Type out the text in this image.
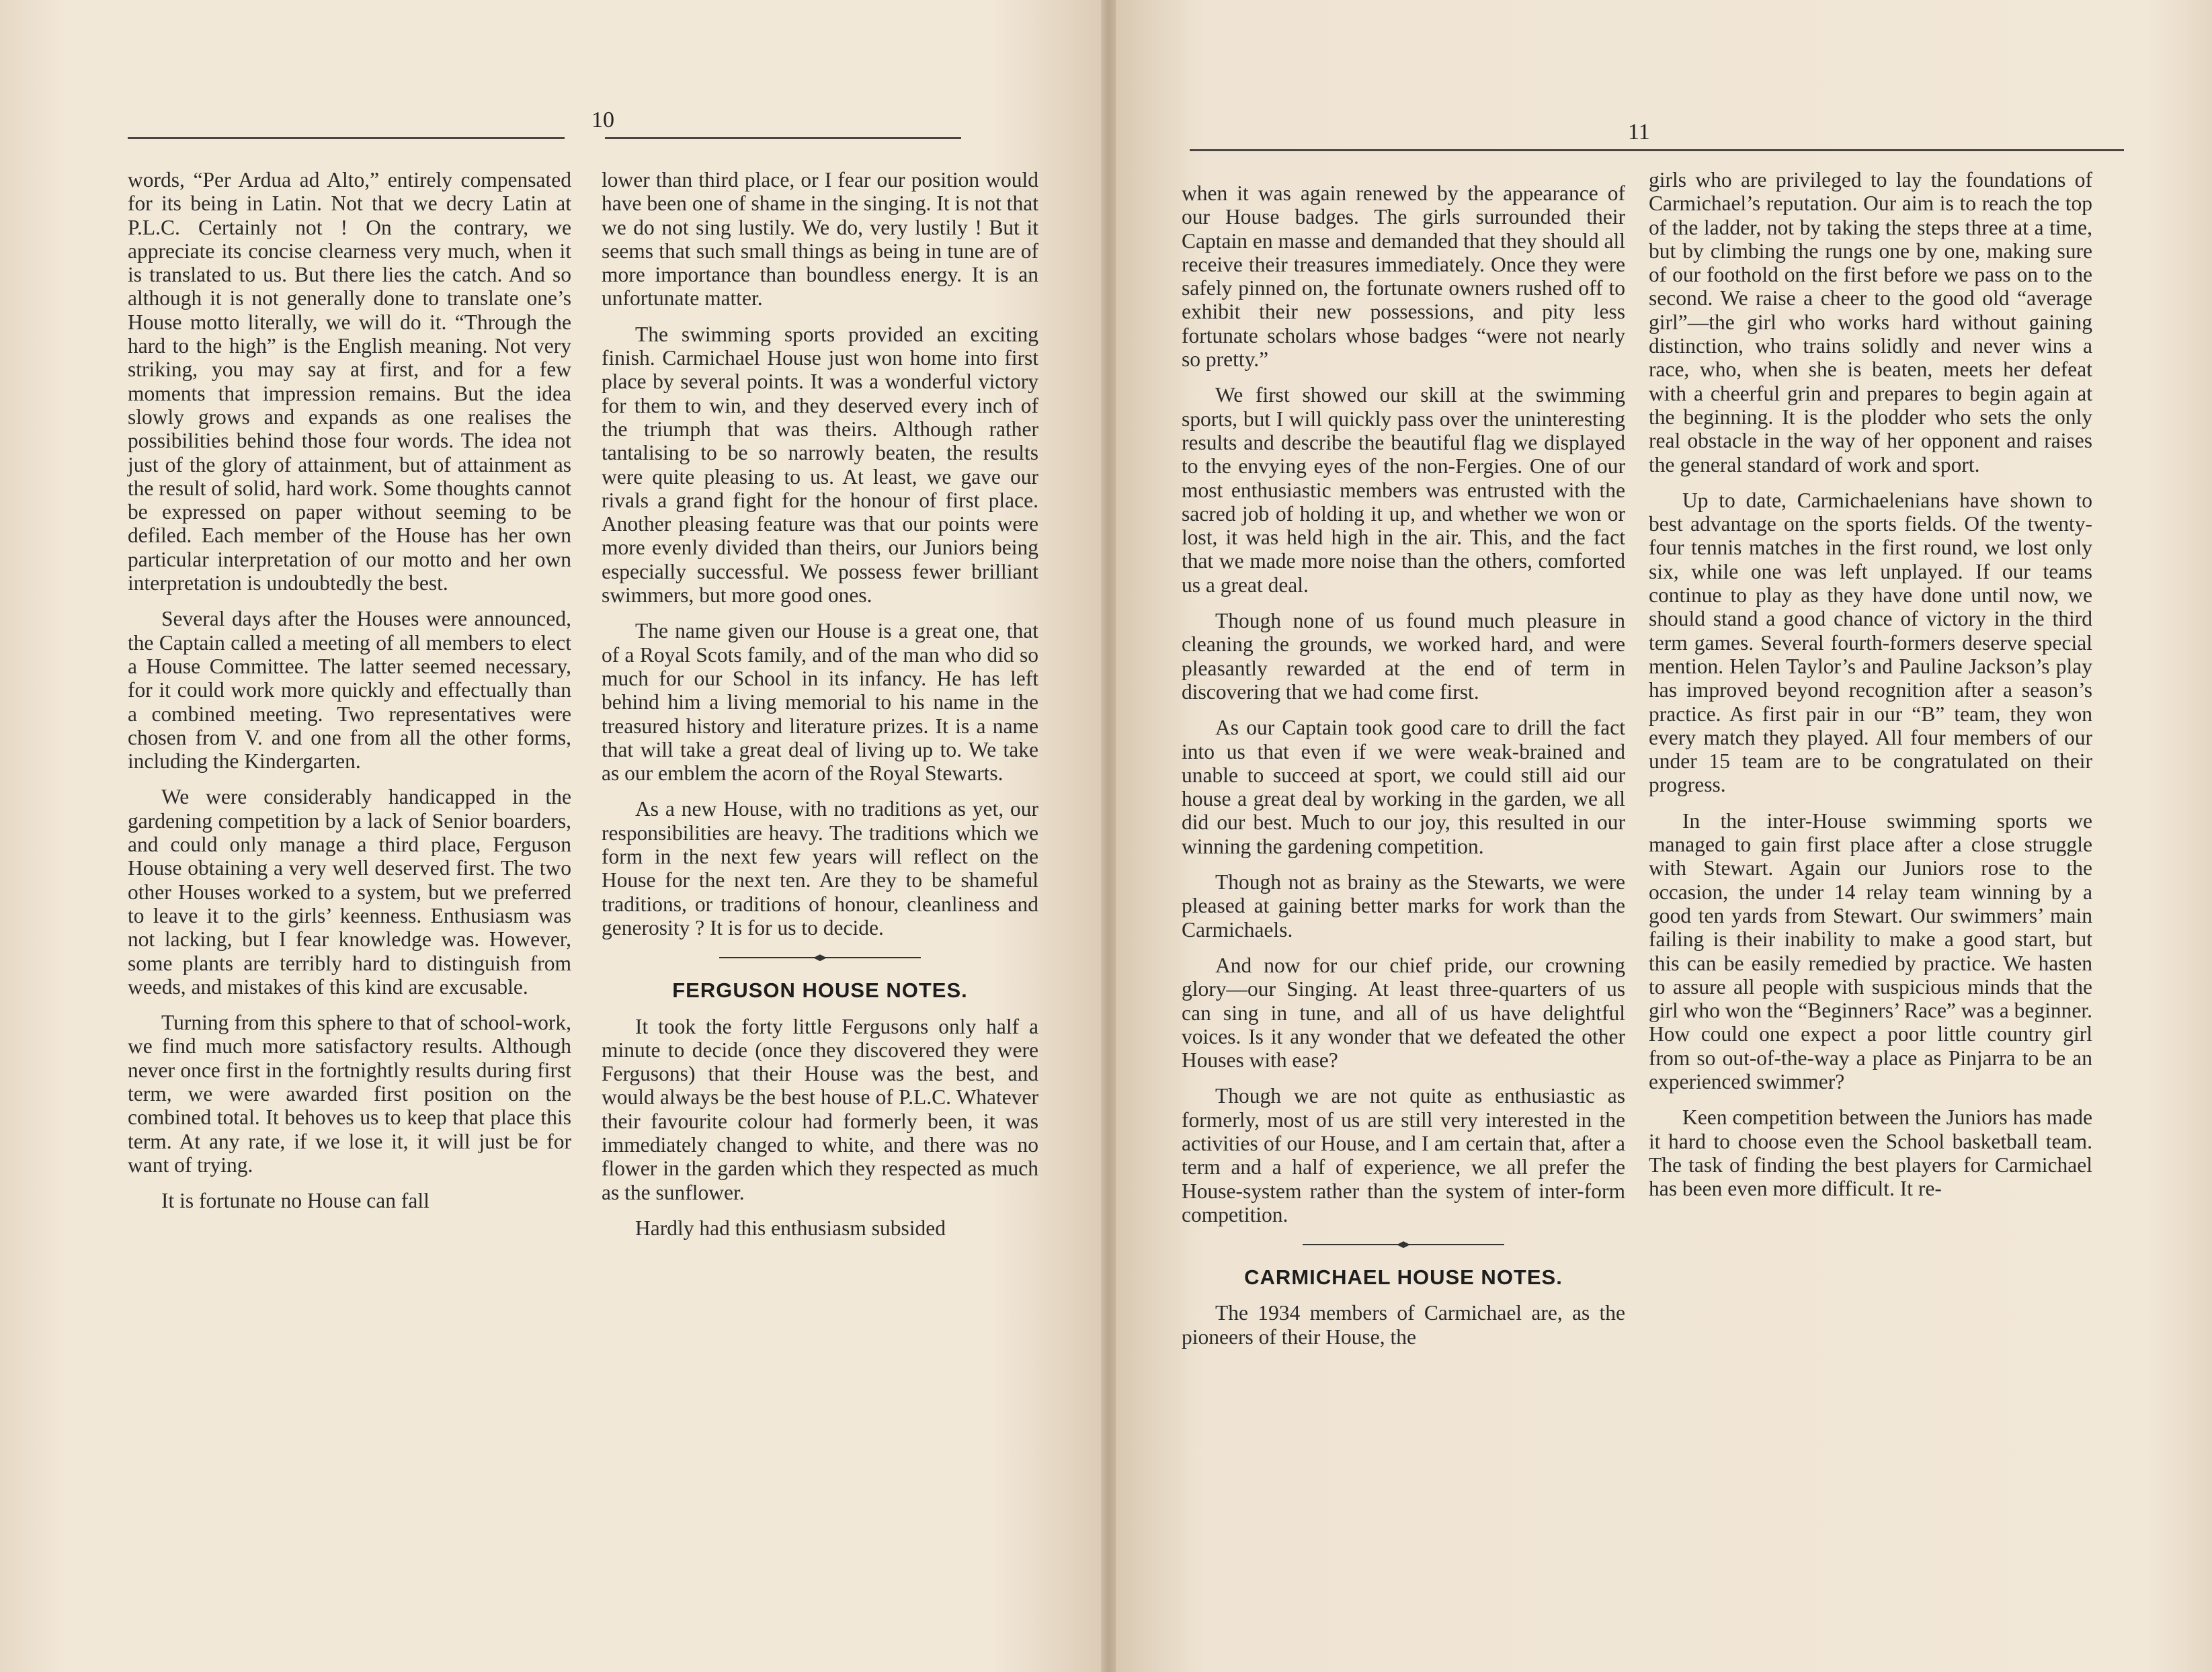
10

words, “Per Ardua ad Alto,” entirely compensated for its being in Latin. Not that we decry Latin at P.L.C. Certainly not ! On the contrary, we appreciate its concise clearness very much, when it is translated to us. But there lies the catch. And so although it is not generally done to translate one’s House motto literally, we will do it. “Through the hard to the high” is the English meaning. Not very striking, you may say at first, and for a few moments that impression remains. But the idea slowly grows and expands as one realises the possibilities behind those four words. The idea not just of the glory of attainment, but of attainment as the result of solid, hard work. Some thoughts cannot be expressed on paper without seeming to be defiled. Each member of the House has her own particular interpretation of our motto and her own interpretation is undoubtedly the best.

Several days after the Houses were announced, the Captain called a meeting of all members to elect a House Committee. The latter seemed necessary, for it could work more quickly and effectually than a combined meeting. Two representatives were chosen from V. and one from all the other forms, including the Kindergarten.

We were considerably handicapped in the gardening competition by a lack of Senior boarders, and could only manage a third place, Ferguson House obtaining a very well deserved first. The two other Houses worked to a system, but we preferred to leave it to the girls’ keenness. Enthusiasm was not lacking, but I fear knowledge was. However, some plants are terribly hard to distinguish from weeds, and mistakes of this kind are excusable.

Turning from this sphere to that of school-work, we find much more satisfactory results. Although never once first in the fortnightly results during first term, we were awarded first position on the combined total. It behoves us to keep that place this term. At any rate, if we lose it, it will just be for want of trying.

It is fortunate no House can fall

lower than third place, or I fear our position would have been one of shame in the singing. It is not that we do not sing lustily. We do, very lustily ! But it seems that such small things as being in tune are of more importance than boundless energy. It is an unfortunate matter.

The swimming sports provided an exciting finish. Carmichael House just won home into first place by several points. It was a wonderful victory for them to win, and they deserved every inch of the triumph that was theirs. Although rather tantalising to be so narrowly beaten, the results were quite pleasing to us. At least, we gave our rivals a grand fight for the honour of first place. Another pleasing feature was that our points were more evenly divided than theirs, our Juniors being especially successful. We possess fewer brilliant swimmers, but more good ones.

The name given our House is a great one, that of a Royal Scots family, and of the man who did so much for our School in its infancy. He has left behind him a living memorial to his name in the treasured history and literature prizes. It is a name that will take a great deal of living up to. We take as our emblem the acorn of the Royal Stewarts.

As a new House, with no traditions as yet, our responsibilities are heavy. The traditions which we form in the next few years will reflect on the House for the next ten. Are they to be shameful traditions, or traditions of honour, cleanliness and generosity ? It is for us to decide.

FERGUSON HOUSE NOTES.

It took the forty little Fergusons only half a minute to decide (once they discovered they were Fergusons) that their House was the best, and would always be the best house of P.L.C. Whatever their favourite colour had formerly been, it was immediately changed to white, and there was no flower in the garden which they respected as much as the sunflower.

Hardly had this enthusiasm subsided

11

when it was again renewed by the appearance of our House badges. The girls surrounded their Captain en masse and demanded that they should all receive their treasures immediately. Once they were safely pinned on, the fortunate owners rushed off to exhibit their new possessions, and pity less fortunate scholars whose badges “were not nearly so pretty.”

We first showed our skill at the swimming sports, but I will quickly pass over the uninteresting results and describe the beautiful flag we displayed to the envying eyes of the non-Fergies. One of our most enthusiastic members was entrusted with the sacred job of holding it up, and whether we won or lost, it was held high in the air. This, and the fact that we made more noise than the others, comforted us a great deal.

Though none of us found much pleasure in cleaning the grounds, we worked hard, and were pleasantly rewarded at the end of term in discovering that we had come first.

As our Captain took good care to drill the fact into us that even if we were weak-brained and unable to succeed at sport, we could still aid our house a great deal by working in the garden, we all did our best. Much to our joy, this resulted in our winning the gardening competition.

Though not as brainy as the Stewarts, we were pleased at gaining better marks for work than the Carmichaels.

And now for our chief pride, our crowning glory—our Singing. At least three-quarters of us can sing in tune, and all of us have delightful voices. Is it any wonder that we defeated the other Houses with ease?

Though we are not quite as enthusiastic as formerly, most of us are still very interested in the activities of our House, and I am certain that, after a term and a half of experience, we all prefer the House-system rather than the system of inter-form competition.

CARMICHAEL HOUSE NOTES.

The 1934 members of Carmichael are, as the pioneers of their House, the

girls who are privileged to lay the foundations of Carmichael’s reputation. Our aim is to reach the top of the ladder, not by taking the steps three at a time, but by climbing the rungs one by one, making sure of our foothold on the first before we pass on to the second. We raise a cheer to the good old “average girl”—the girl who works hard without gaining distinction, who trains solidly and never wins a race, who, when she is beaten, meets her defeat with a cheerful grin and prepares to begin again at the beginning. It is the plodder who sets the only real obstacle in the way of her opponent and raises the general standard of work and sport.

Up to date, Carmichaelenians have shown to best advantage on the sports fields. Of the twenty-four tennis matches in the first round, we lost only six, while one was left unplayed. If our teams continue to play as they have done until now, we should stand a good chance of victory in the third term games. Several fourth-formers deserve special mention. Helen Taylor’s and Pauline Jackson’s play has improved beyond recognition after a season’s practice. As first pair in our “B” team, they won every match they played. All four members of our under 15 team are to be congratulated on their progress.

In the inter-House swimming sports we managed to gain first place after a close struggle with Stewart. Again our Juniors rose to the occasion, the under 14 relay team winning by a good ten yards from Stewart. Our swimmers’ main failing is their inability to make a good start, but this can be easily remedied by practice. We hasten to assure all people with suspicious minds that the girl who won the “Beginners’ Race” was a beginner. How could one expect a poor little country girl from so out-of-the-way a place as Pinjarra to be an experienced swimmer?

Keen competition between the Juniors has made it hard to choose even the School basketball team. The task of finding the best players for Carmichael has been even more difficult. It re-
